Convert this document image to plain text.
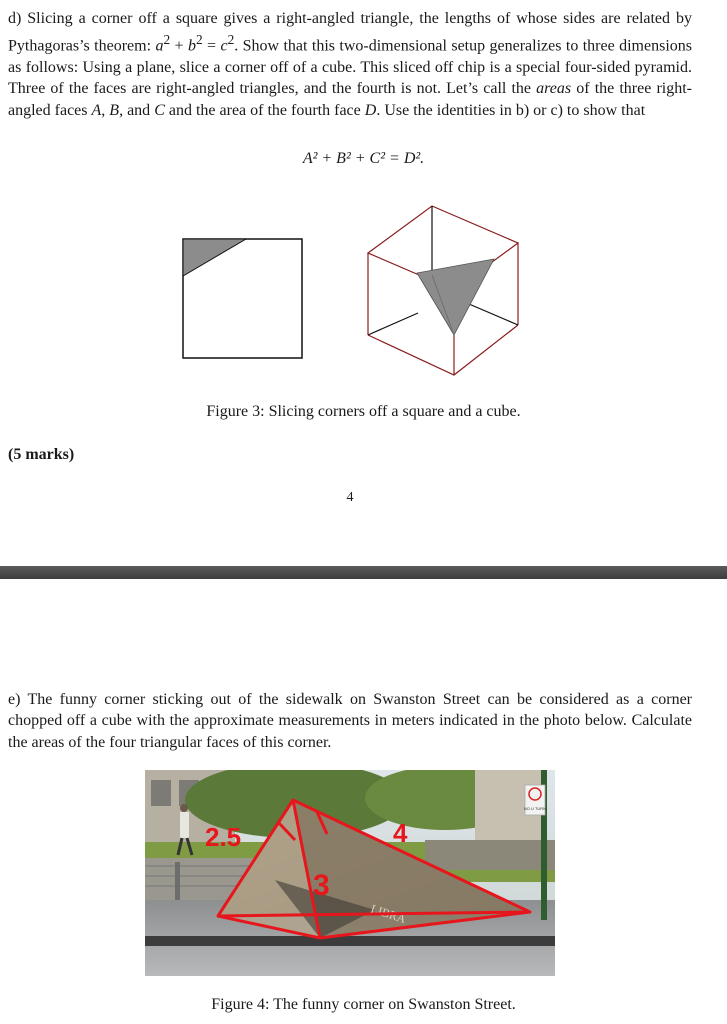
d) Slicing a corner off a square gives a right-angled triangle, the lengths of whose sides are related by Pythagoras’s theorem: $a^2 + b^2 = c^2$. Show that this two-dimensional setup generalizes to three dimensions as follows: Using a plane, slice a corner off of a cube. This sliced off chip is a special four-sided pyramid. Three of the faces are right-angled triangles, and the fourth is not. Let’s call the areas of the three right-angled faces A, B, and C and the area of the fourth face D. Use the identities in b) or c) to show that
A² + B² + C² = D².
Figure 3: Slicing corners off a square and a cube.
(5 marks)
4
e) The funny corner sticking out of the sidewalk on Swanston Street can be considered as a corner chopped off a cube with the approximate measurements in meters indicated in the photo below. Calculate the areas of the four triangular faces of this corner.
LIBRA
NO U TURN
2.5
3
4
Figure 4: The funny corner on Swanston Street.
